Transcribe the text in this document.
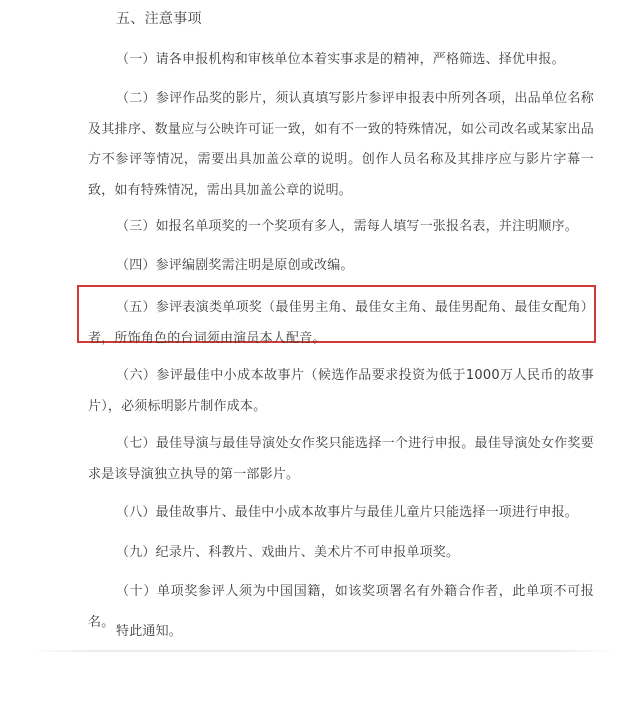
五、注意事项
（一）请各申报机构和审核单位本着实事求是的精神，严格筛选、择优申报。
（二）参评作品奖的影片，须认真填写影片参评申报表中所列各项，出品单位名称及其排序、数量应与公映许可证一致，如有不一致的特殊情况，如公司改名或某家出品方不参评等情况，需要出具加盖公章的说明。创作人员名称及其排序应与影片字幕一致，如有特殊情况，需出具加盖公章的说明。
（三）如报名单项奖的一个奖项有多人，需每人填写一张报名表，并注明顺序。
（四）参评编剧奖需注明是原创或改编。
（五）参评表演类单项奖（最佳男主角、最佳女主角、最佳男配角、最佳女配角）者，所饰角色的台词须由演员本人配音。
（六）参评最佳中小成本故事片（候选作品要求投资为低于1000万人民币的故事片），必须标明影片制作成本。
（七）最佳导演与最佳导演处女作奖只能选择一个进行申报。最佳导演处女作奖要求是该导演独立执导的第一部影片。
（八）最佳故事片、最佳中小成本故事片与最佳儿童片只能选择一项进行申报。
（九）纪录片、科教片、戏曲片、美术片不可申报单项奖。
（十）单项奖参评人须为中国国籍，如该奖项署名有外籍合作者，此单项不可报名。
特此通知。
